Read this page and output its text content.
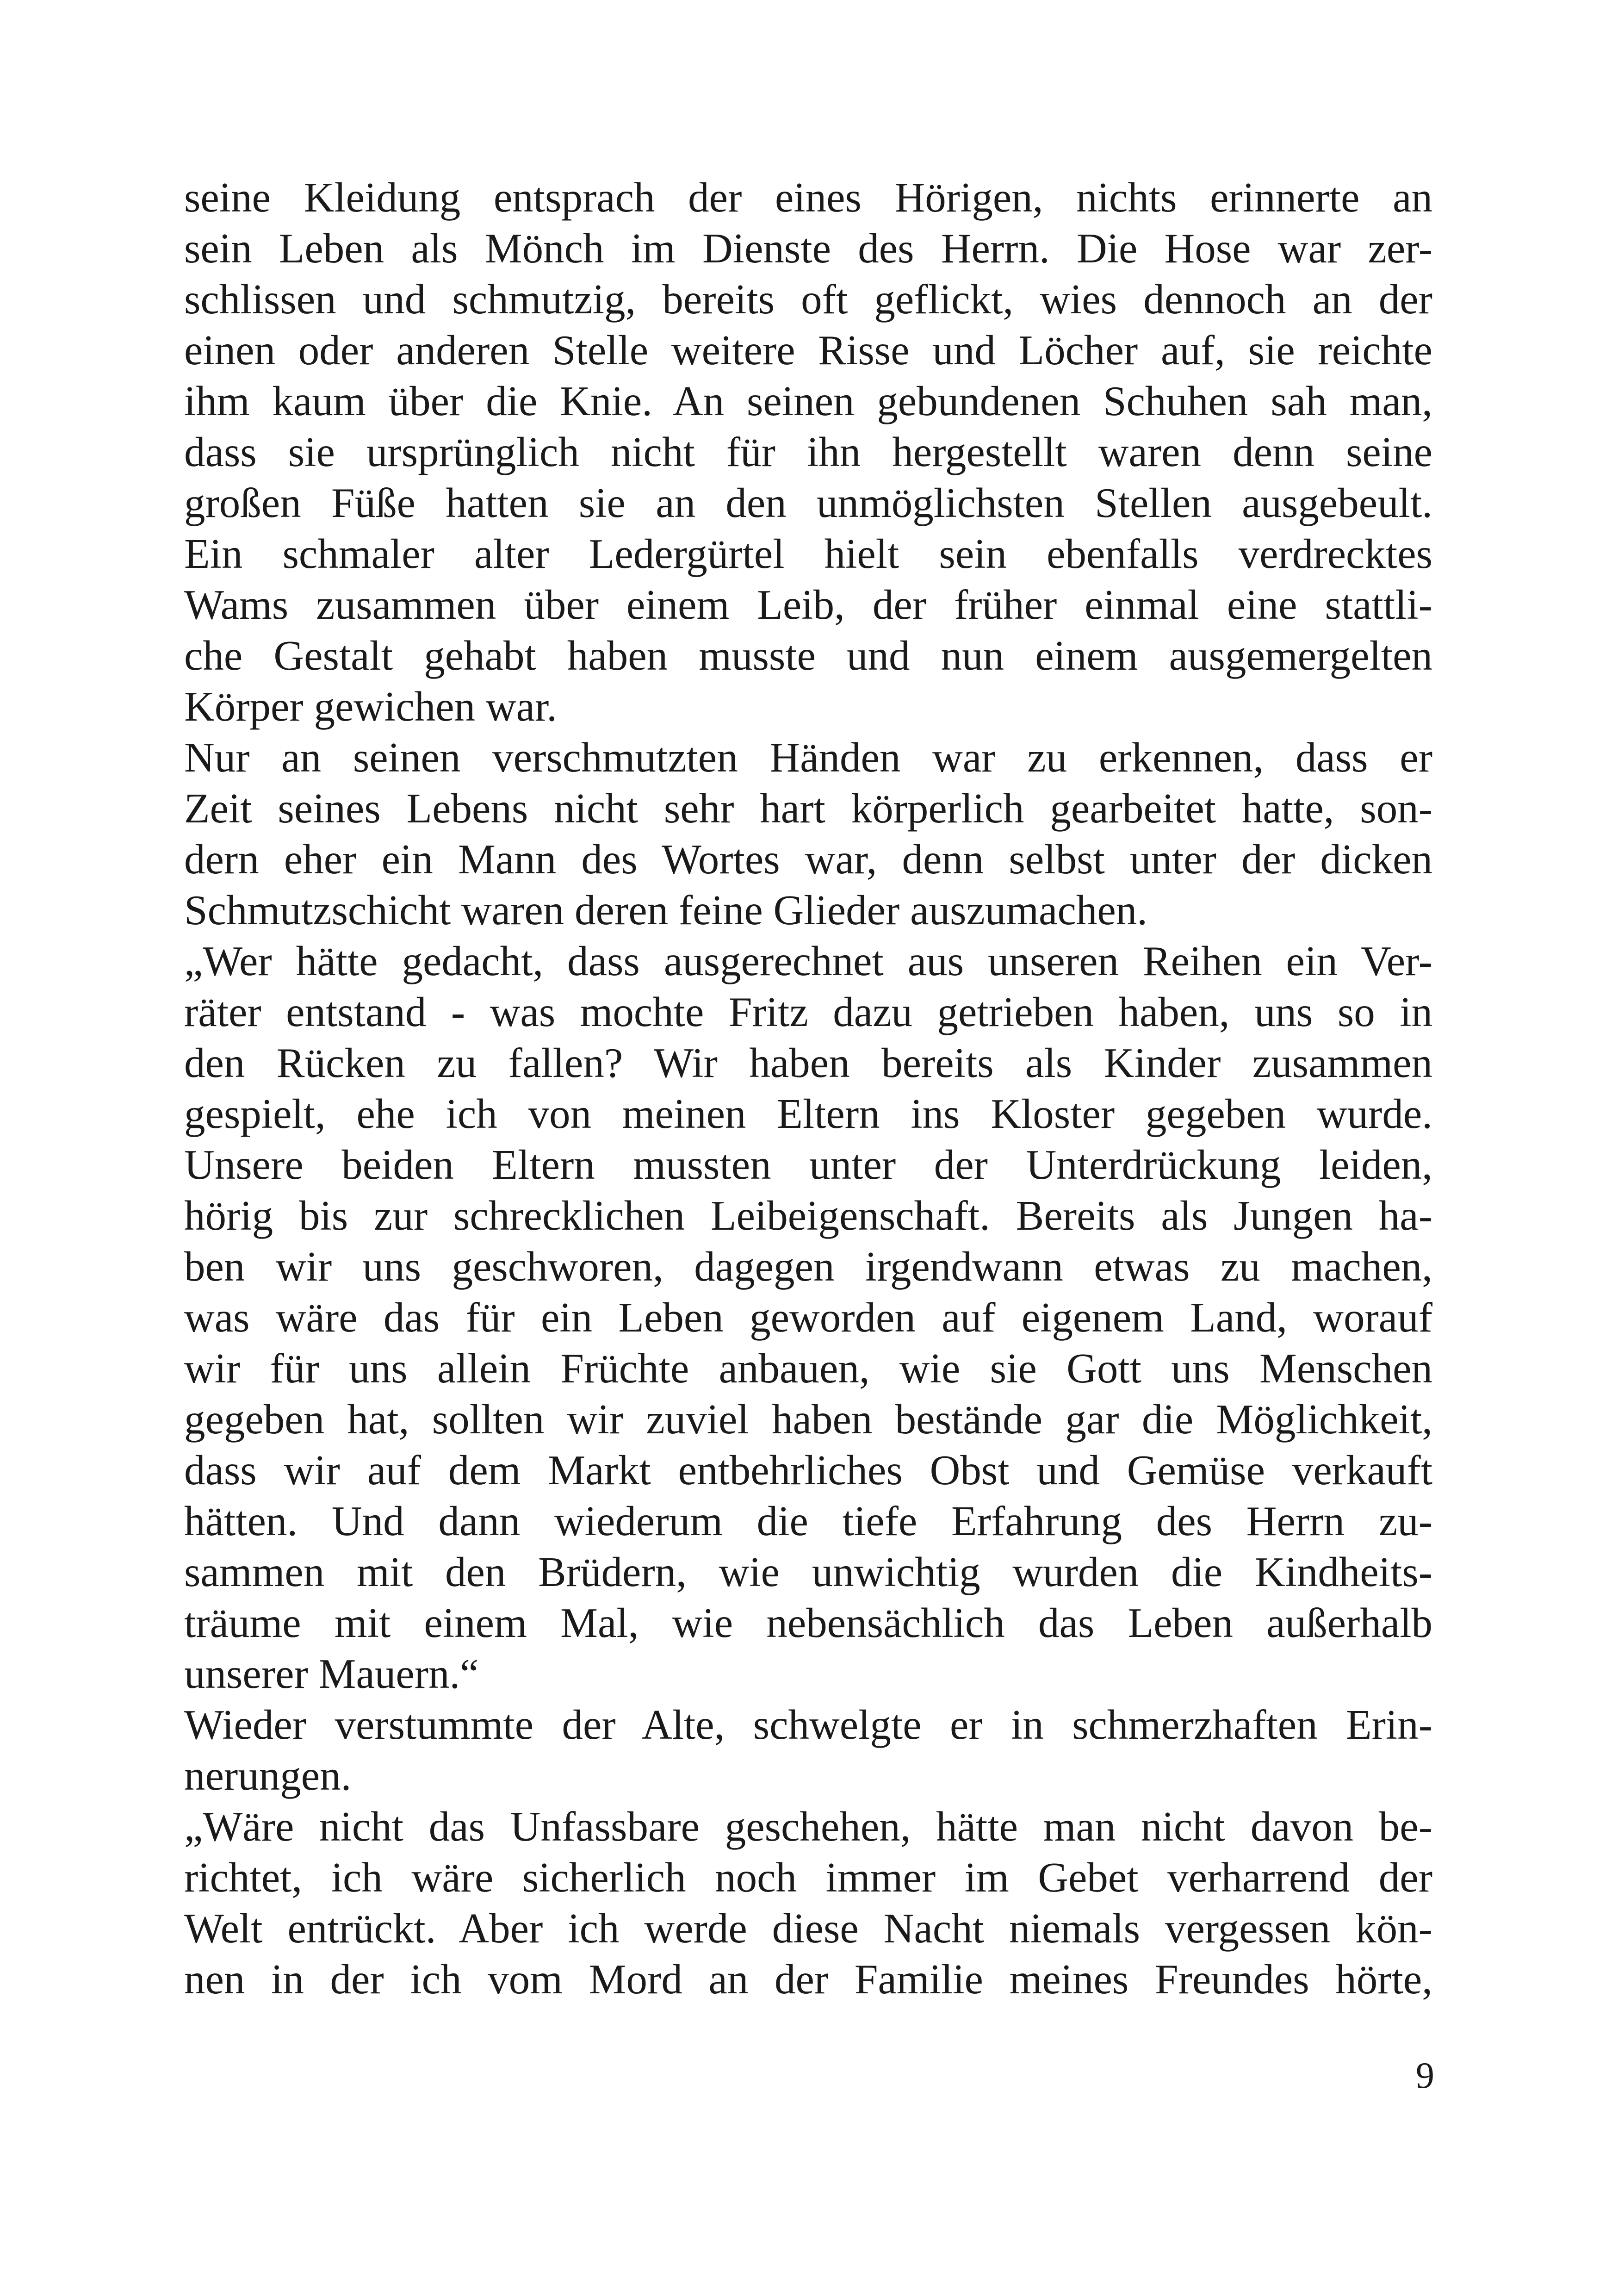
seine Kleidung entsprach der eines Hörigen, nichts erinnerte an
sein Leben als Mönch im Dienste des Herrn. Die Hose war zer-
schlissen und schmutzig, bereits oft geflickt, wies dennoch an der
einen oder anderen Stelle weitere Risse und Löcher auf, sie reichte
ihm kaum über die Knie. An seinen gebundenen Schuhen sah man,
dass sie ursprünglich nicht für ihn hergestellt waren denn seine
großen Füße hatten sie an den unmöglichsten Stellen ausgebeult.
Ein schmaler alter Ledergürtel hielt sein ebenfalls verdrecktes
Wams zusammen über einem Leib, der früher einmal eine stattli-
che Gestalt gehabt haben musste und nun einem ausgemergelten
Körper gewichen war.
Nur an seinen verschmutzten Händen war zu erkennen, dass er
Zeit seines Lebens nicht sehr hart körperlich gearbeitet hatte, son-
dern eher ein Mann des Wortes war, denn selbst unter der dicken
Schmutzschicht waren deren feine Glieder auszumachen.
„Wer hätte gedacht, dass ausgerechnet aus unseren Reihen ein Ver-
räter entstand - was mochte Fritz dazu getrieben haben, uns so in
den Rücken zu fallen? Wir haben bereits als Kinder zusammen
gespielt, ehe ich von meinen Eltern ins Kloster gegeben wurde.
Unsere beiden Eltern mussten unter der Unterdrückung leiden,
hörig bis zur schrecklichen Leibeigenschaft. Bereits als Jungen ha-
ben wir uns geschworen, dagegen irgendwann etwas zu machen,
was wäre das für ein Leben geworden auf eigenem Land, worauf
wir für uns allein Früchte anbauen, wie sie Gott uns Menschen
gegeben hat, sollten wir zuviel haben beständе gar die Möglichkeit,
dass wir auf dem Markt entbehrliches Obst und Gemüse verkauft
hätten. Und dann wiederum die tiefe Erfahrung des Herrn zu-
sammen mit den Brüdern, wie unwichtig wurden die Kindheits-
träume mit einem Mal, wie nebensächlich das Leben außerhalb
unserer Mauern.“
Wieder verstummte der Alte, schwelgte er in schmerzhaften Erin-
nerungen.
„Wäre nicht das Unfassbare geschehen, hätte man nicht davon be-
richtet, ich wäre sicherlich noch immer im Gebet verharrend der
Welt entrückt. Aber ich werde diese Nacht niemals vergessen kön-
nen in der ich vom Mord an der Familie meines Freundes hörte,
9
